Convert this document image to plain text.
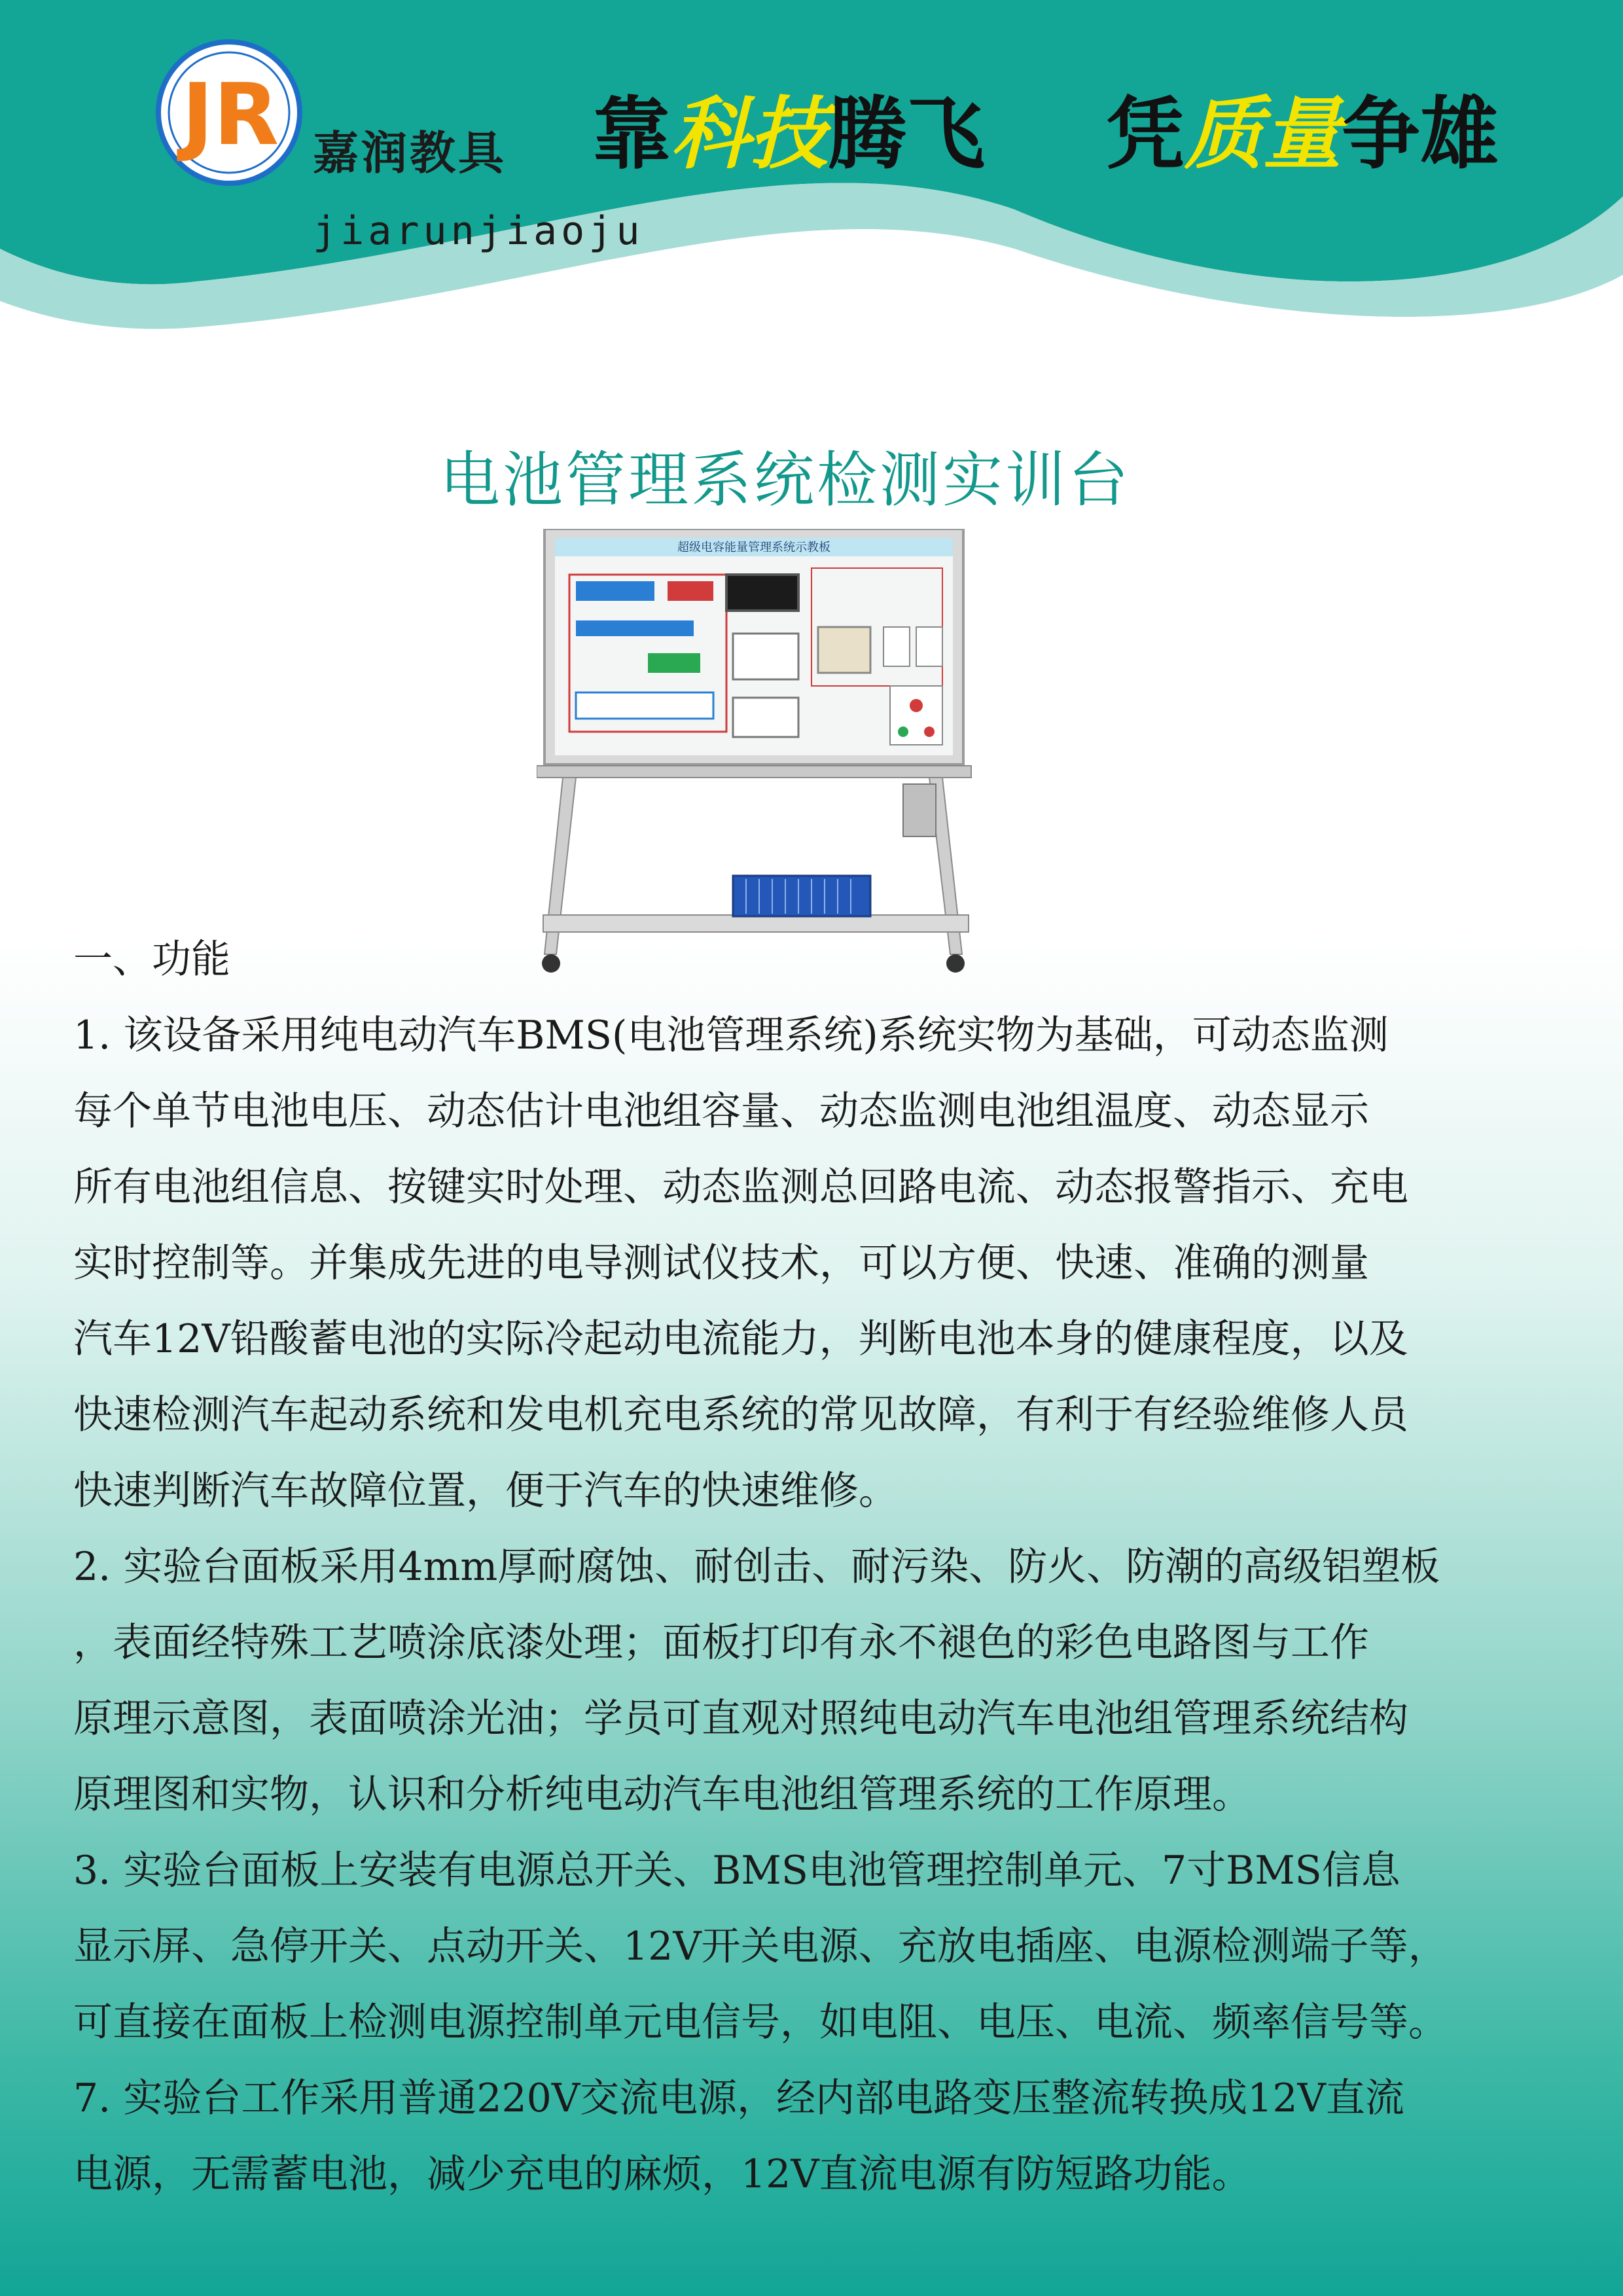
JR 嘉润教具
jiarunjiaoju
靠科技腾飞 凭质量争雄
电池管理系统检测实训台
超级电容能量管理系统示教板
一、功能
1. 该设备采用纯电动汽车BMS(电池管理系统)系统实物为基础，可动态监测
每个单节电池电压、动态估计电池组容量、动态监测电池组温度、动态显示
所有电池组信息、按键实时处理、动态监测总回路电流、动态报警指示、充电
实时控制等。并集成先进的电导测试仪技术，可以方便、快速、准确的测量
汽车12V铅酸蓄电池的实际冷起动电流能力，判断电池本身的健康程度，以及
快速检测汽车起动系统和发电机充电系统的常见故障，有利于有经验维修人员
快速判断汽车故障位置，便于汽车的快速维修。
2. 实验台面板采用4mm厚耐腐蚀、耐创击、耐污染、防火、防潮的高级铝塑板
，表面经特殊工艺喷涂底漆处理；面板打印有永不褪色的彩色电路图与工作
原理示意图，表面喷涂光油；学员可直观对照纯电动汽车电池组管理系统结构
原理图和实物，认识和分析纯电动汽车电池组管理系统的工作原理。
3. 实验台面板上安装有电源总开关、BMS电池管理控制单元、7寸BMS信息
显示屏、急停开关、点动开关、12V开关电源、充放电插座、电源检测端子等，
可直接在面板上检测电源控制单元电信号，如电阻、电压、电流、频率信号等。
7. 实验台工作采用普通220V交流电源，经内部电路变压整流转换成12V直流
电源，无需蓄电池，减少充电的麻烦，12V直流电源有防短路功能。
